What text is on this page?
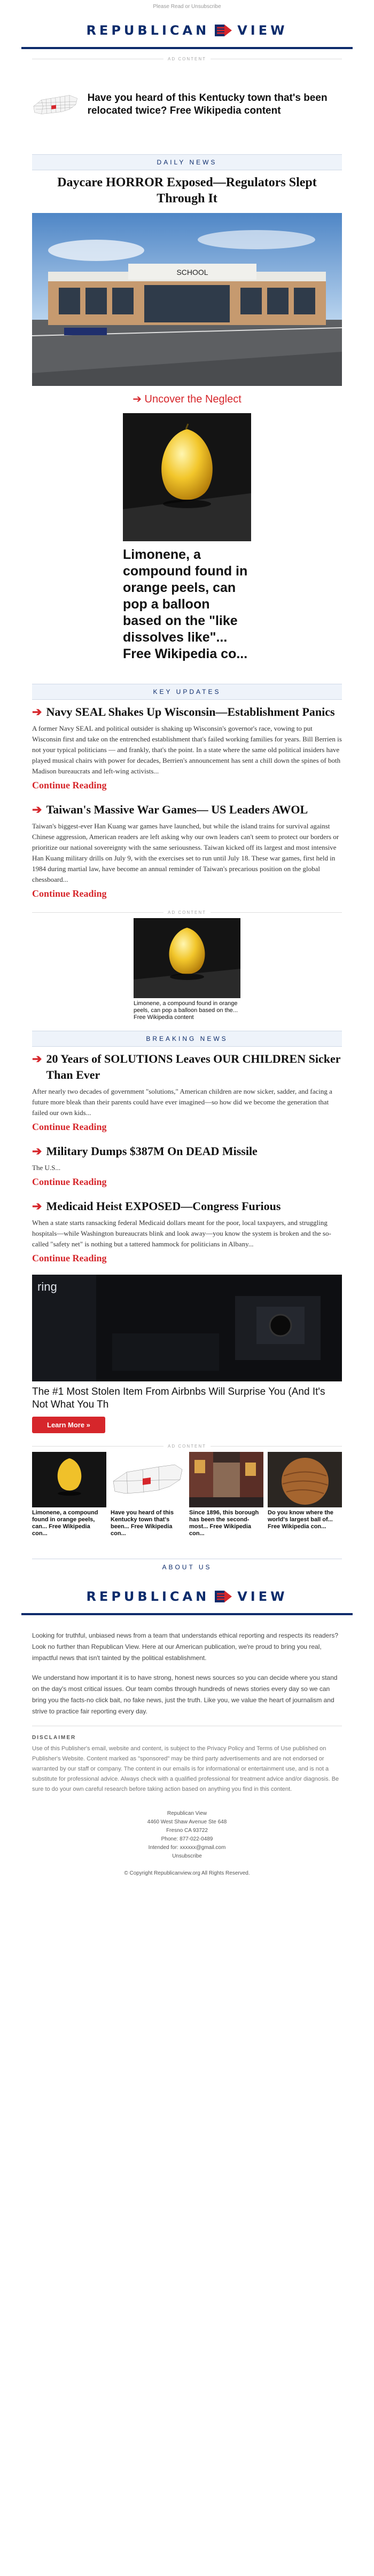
Please Read or Unsubscribe
REPUBLICAN VIEW
AD CONTENT
Have you heard of this Kentucky town that's been relocated twice? Free Wikipedia content
DAILY NEWS
Daycare HORROR Exposed—Regulators Slept Through It
SCHOOL
➔ Uncover the Neglect
Limonene, a compound found in orange peels, can pop a balloon based on the "like dissolves like"... Free Wikipedia co...
KEY UPDATES
➔ Navy SEAL Shakes Up Wisconsin—Establishment Panics
A former Navy SEAL and political outsider is shaking up Wisconsin's governor's race, vowing to put Wisconsin first and take on the entrenched establishment that's failed working families for years. Bill Berrien is not your typical politicians — and frankly, that's the point. In a state where the same old political insiders have played musical chairs with power for decades, Berrien's announcement has sent a chill down the spines of both Madison bureaucrats and left-wing activists...
Continue Reading
➔ Taiwan's Massive War Games— US Leaders AWOL
Taiwan's biggest-ever Han Kuang war games have launched, but while the island trains for survival against Chinese aggression, American readers are left asking why our own leaders can't seem to protect our borders or prioritize our national sovereignty with the same seriousness. Taiwan kicked off its largest and most intensive Han Kuang military drills on July 9, with the exercises set to run until July 18. These war games, first held in 1984 during martial law, have become an annual reminder of Taiwan's precarious position on the global chessboard...
Continue Reading
AD CONTENT
Limonene, a compound found in orange peels, can pop a balloon based on the... Free Wikipedia content
BREAKING NEWS
➔ 20 Years of SOLUTIONS Leaves OUR CHILDREN Sicker Than Ever
After nearly two decades of government "solutions," American children are now sicker, sadder, and facing a future more bleak than their parents could have ever imagined—so how did we become the generation that failed our own kids...
Continue Reading
➔ Military Dumps $387M On DEAD Missile
The U.S...
Continue Reading
➔ Medicaid Heist EXPOSED—Congress Furious
When a state starts ransacking federal Medicaid dollars meant for the poor, local taxpayers, and struggling hospitals—while Washington bureaucrats blink and look away—you know the system is broken and the so-called "safety net" is nothing but a tattered hammock for politicians in Albany...
Continue Reading
ring
The #1 Most Stolen Item From Airbnbs Will Surprise You (And It's Not What You Th
Learn More »
AD CONTENT
Limonene, a compound found in orange peels, can... Free Wikipedia con...
Have you heard of this Kentucky town that's been... Free Wikipedia con...
Since 1896, this borough has been the second-most... Free Wikipedia con...
Do you know where the world's largest ball of... Free Wikipedia con...
ABOUT US
REPUBLICAN VIEW

Looking for truthful, unbiased news from a team that understands ethical reporting and respects its readers? Look no further than Republican View. Here at our American publication, we're proud to bring you real, impactful news that isn't tainted by the political establishment.

We understand how important it is to have strong, honest news sources so you can decide where you stand on the day's most critical issues. Our team combs through hundreds of news stories every day so we can bring you the facts-no click bait, no fake news, just the truth. Like you, we value the heart of journalism and strive to practice fair reporting every day.

DISCLAIMER

Use of this Publisher's email, website and content, is subject to the Privacy Policy and Terms of Use published on Publisher's Website. Content marked as "sponsored" may be third party advertisements and are not endorsed or warranted by our staff or company. The content in our emails is for informational or entertainment use, and is not a substitute for professional advice. Always check with a qualified professional for treatment advice and/or diagnosis. Be sure to do your own careful research before taking action based on anything you find in this content.

Republican View
4460 West Shaw Avenue Ste 648
Fresno CA 93722
Phone: 877-022-0489
Intended for: xxxxxx@gmail.com
Unsubscribe
© Copyright Republicanview.org All Rights Reserved.
